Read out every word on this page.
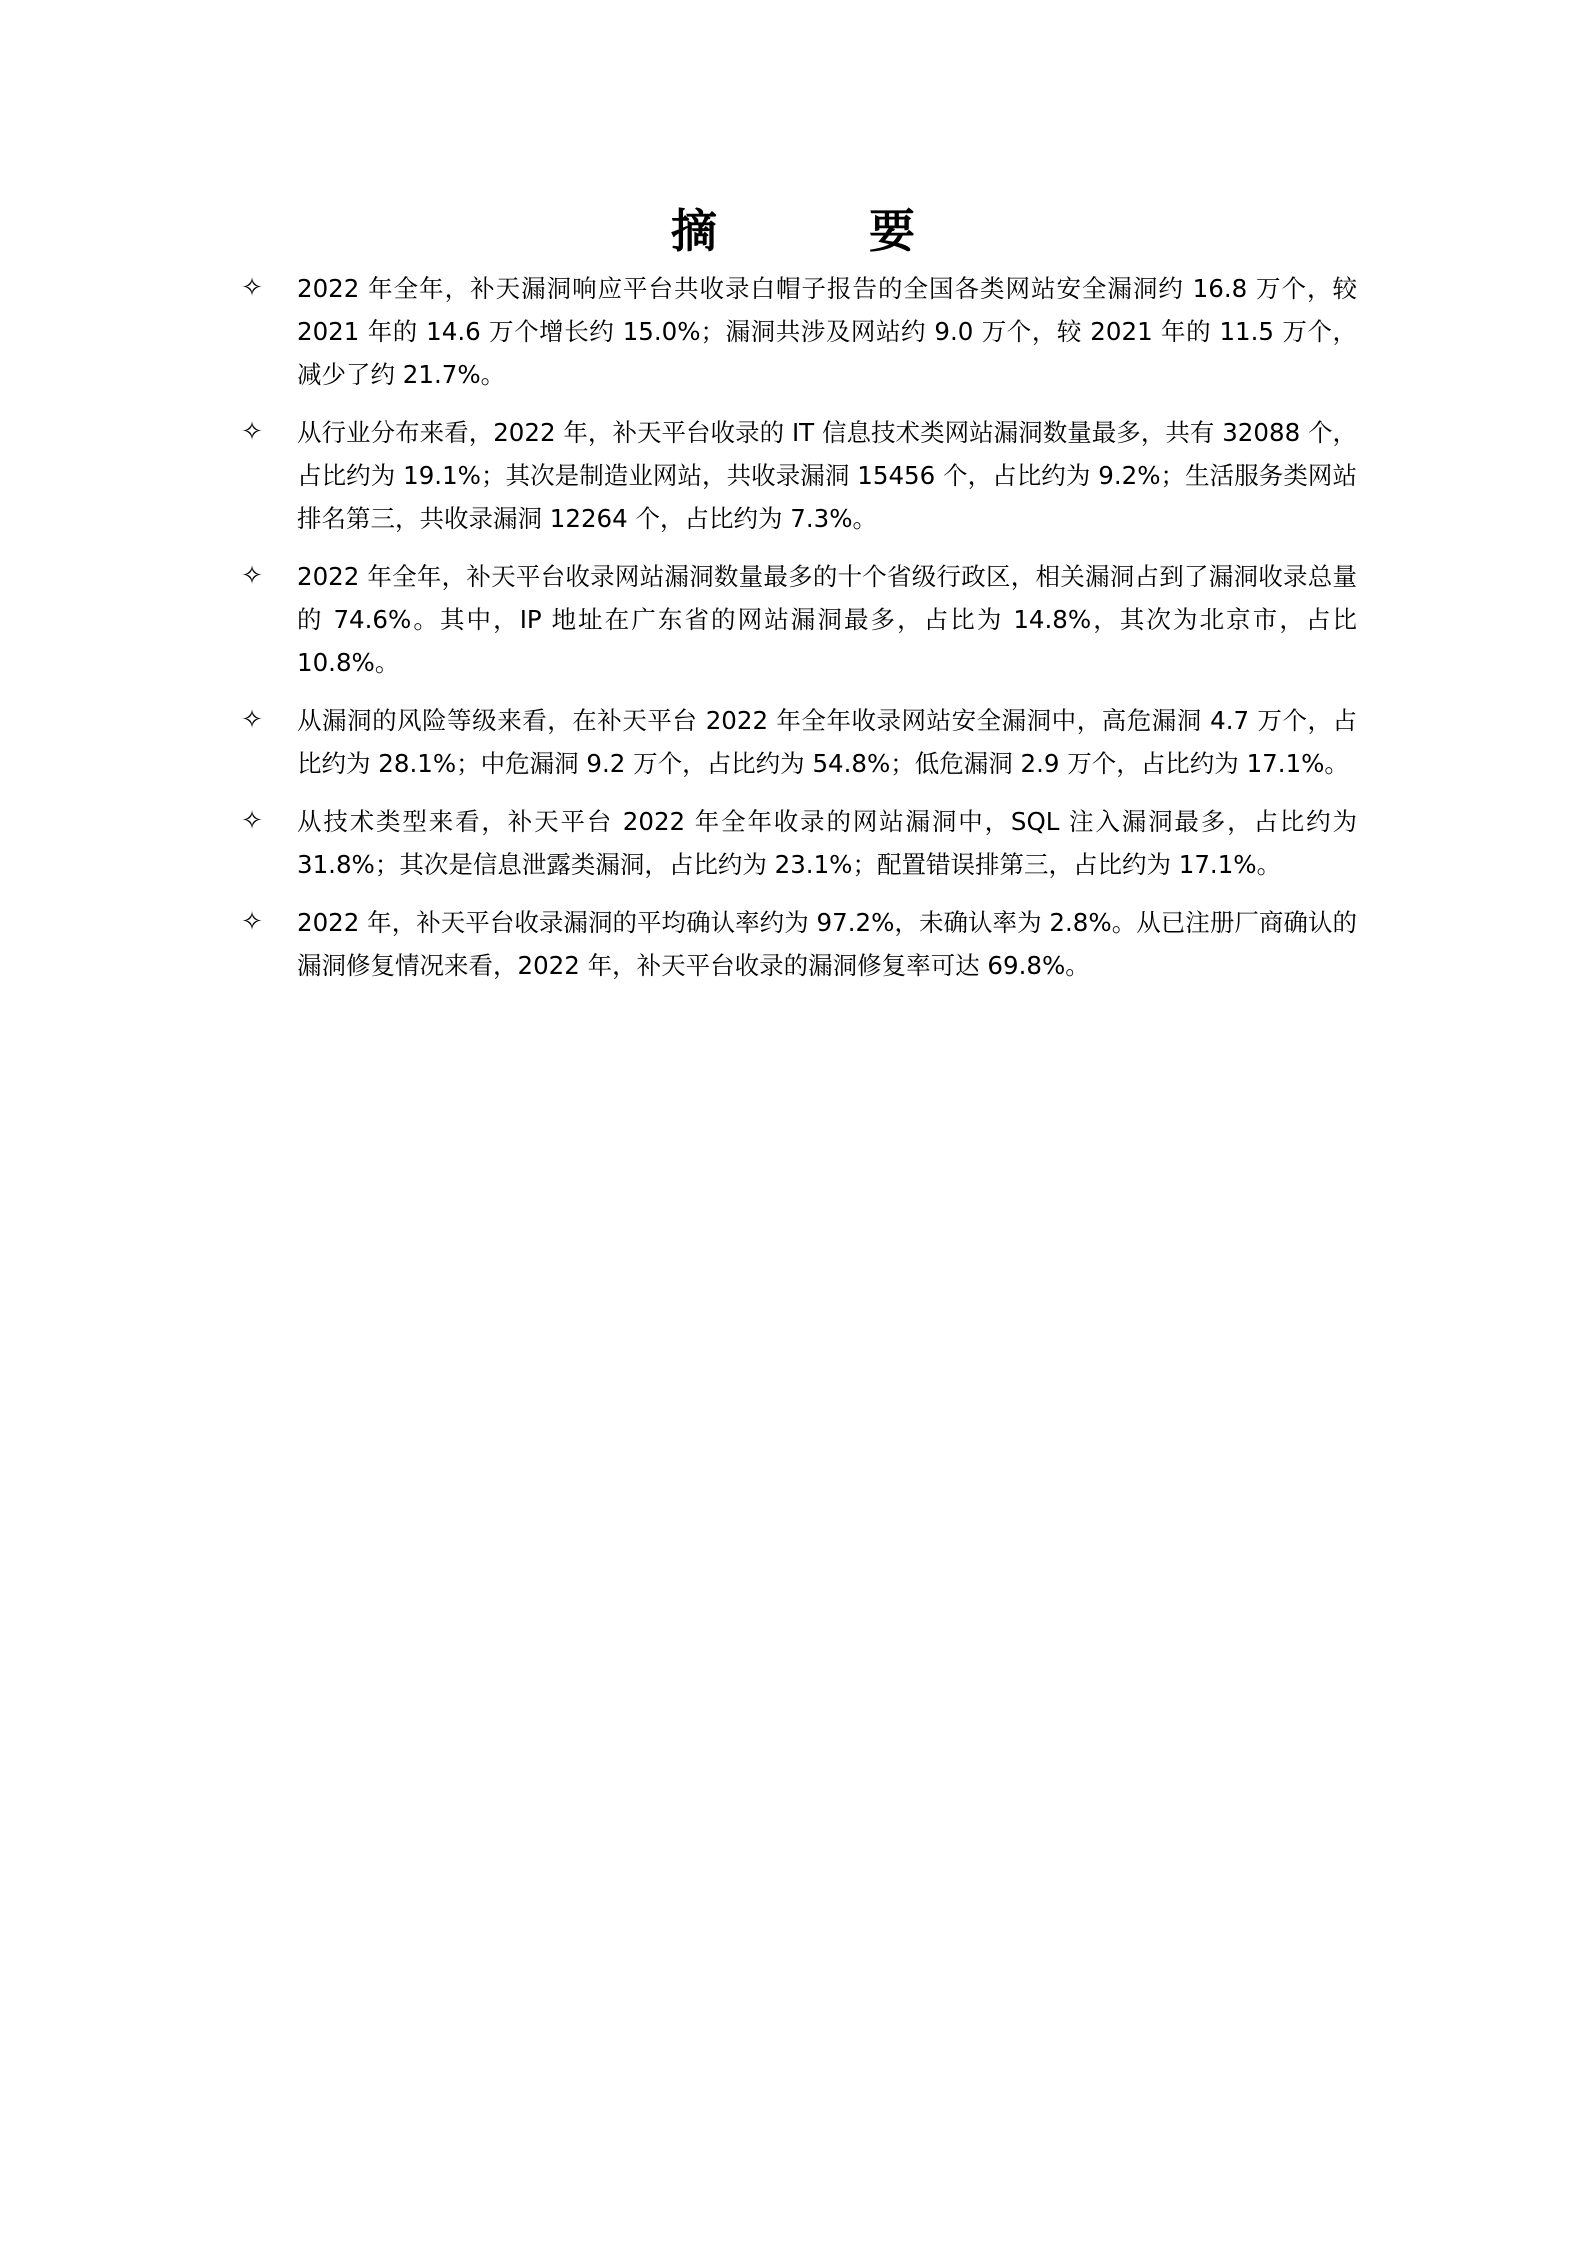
摘 要
✧ 2022 年全年，补天漏洞响应平台共收录白帽子报告的全国各类网站安全漏洞约 16.8 万个，较 2021 年的 14.6 万个增长约 15.0%；漏洞共涉及网站约 9.0 万个，较 2021 年的 11.5 万个，减少了约 21.7%。
✧ 从行业分布来看，2022 年，补天平台收录的 IT 信息技术类网站漏洞数量最多，共有 32088 个，占比约为 19.1%；其次是制造业网站，共收录漏洞 15456 个，占比约为 9.2%；生活服务类网站排名第三，共收录漏洞 12264 个，占比约为 7.3%。
✧ 2022 年全年，补天平台收录网站漏洞数量最多的十个省级行政区，相关漏洞占到了漏洞收录总量的 74.6%。其中，IP 地址在广东省的网站漏洞最多，占比为 14.8%，其次为北京市，占比 10.8%。
✧ 从漏洞的风险等级来看，在补天平台 2022 年全年收录网站安全漏洞中，高危漏洞 4.7 万个，占比约为 28.1%；中危漏洞 9.2 万个，占比约为 54.8%；低危漏洞 2.9 万个，占比约为 17.1%。
✧ 从技术类型来看，补天平台 2022 年全年收录的网站漏洞中，SQL 注入漏洞最多，占比约为 31.8%；其次是信息泄露类漏洞，占比约为 23.1%；配置错误排第三，占比约为 17.1%。
✧ 2022 年，补天平台收录漏洞的平均确认率约为 97.2%，未确认率为 2.8%。从已注册厂商确认的漏洞修复情况来看，2022 年，补天平台收录的漏洞修复率可达 69.8%。
